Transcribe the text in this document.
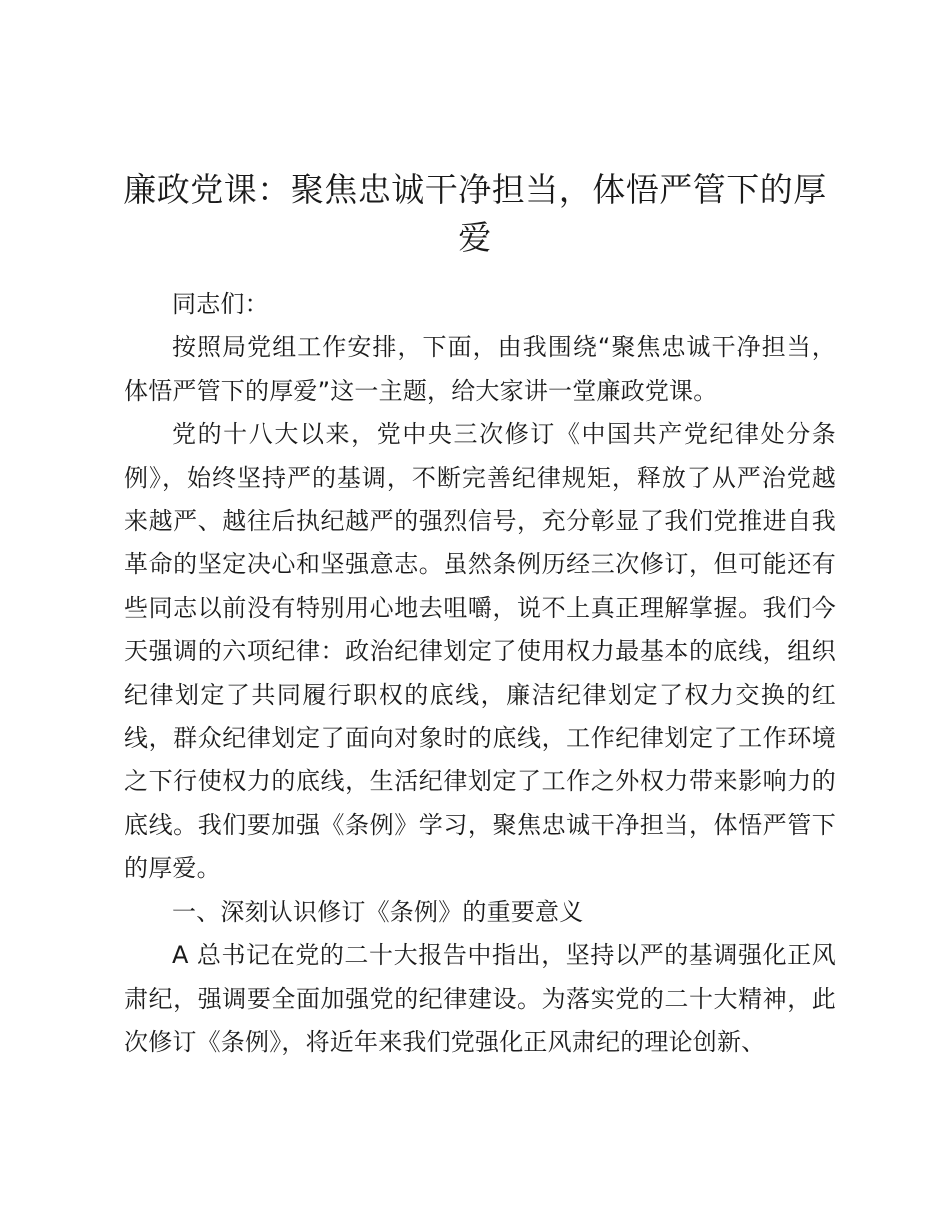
廉政党课：聚焦忠诚干净担当，体悟严管下的厚爱

同志们：

按照局党组工作安排，下面，由我围绕“聚焦忠诚干净担当，体悟严管下的厚爱”这一主题，给大家讲一堂廉政党课。

党的十八大以来，党中央三次修订《中国共产党纪律处分条例》，始终坚持严的基调，不断完善纪律规矩，释放了从严治党越来越严、越往后执纪越严的强烈信号，充分彰显了我们党推进自我革命的坚定决心和坚强意志。虽然条例历经三次修订，但可能还有些同志以前没有特别用心地去咀嚼，说不上真正理解掌握。我们今天强调的六项纪律：政治纪律划定了使用权力最基本的底线，组织纪律划定了共同履行职权的底线，廉洁纪律划定了权力交换的红线，群众纪律划定了面向对象时的底线，工作纪律划定了工作环境之下行使权力的底线，生活纪律划定了工作之外权力带来影响力的底线。我们要加强《条例》学习，聚焦忠诚干净担当，体悟严管下的厚爱。

一、深刻认识修订《条例》的重要意义

A 总书记在党的二十大报告中指出，坚持以严的基调强化正风肃纪，强调要全面加强党的纪律建设。为落实党的二十大精神，此次修订《条例》，将近年来我们党强化正风肃纪的理论创新、
